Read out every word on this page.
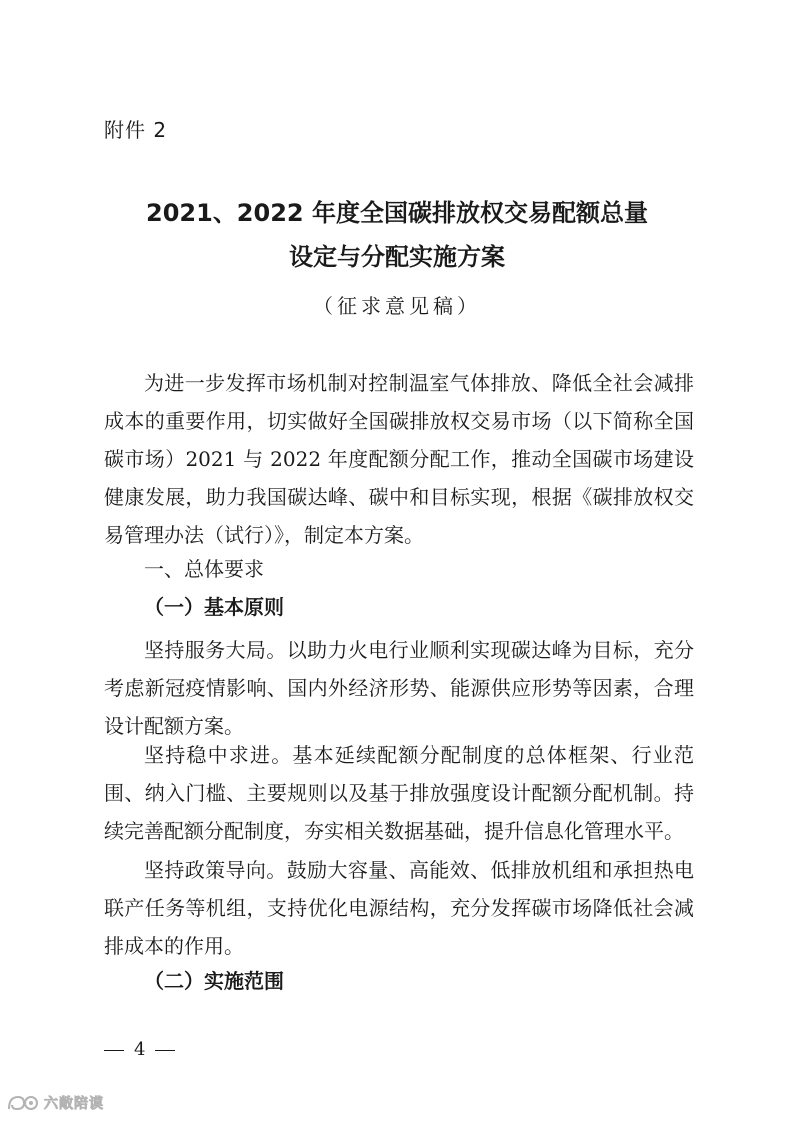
附件 2
2021、2022 年度全国碳排放权交易配额总量
设定与分配实施方案
（征求意见稿）

为进一步发挥市场机制对控制温室气体排放、降低全社会减排成本的重要作用，切实做好全国碳排放权交易市场（以下简称全国碳市场）2021 与 2022 年度配额分配工作，推动全国碳市场建设健康发展，助力我国碳达峰、碳中和目标实现，根据《碳排放权交易管理办法（试行）》，制定本方案。

一、总体要求
（一）基本原则

坚持服务大局。以助力火电行业顺利实现碳达峰为目标，充分考虑新冠疫情影响、国内外经济形势、能源供应形势等因素，合理设计配额方案。

坚持稳中求进。基本延续配额分配制度的总体框架、行业范围、纳入门槛、主要规则以及基于排放强度设计配额分配机制。持续完善配额分配制度，夯实相关数据基础，提升信息化管理水平。

坚持政策导向。鼓励大容量、高能效、低排放机组和承担热电联产任务等机组，支持优化电源结构，充分发挥碳市场降低社会减排成本的作用。

（二）实施范围
4
六敞陪谟
